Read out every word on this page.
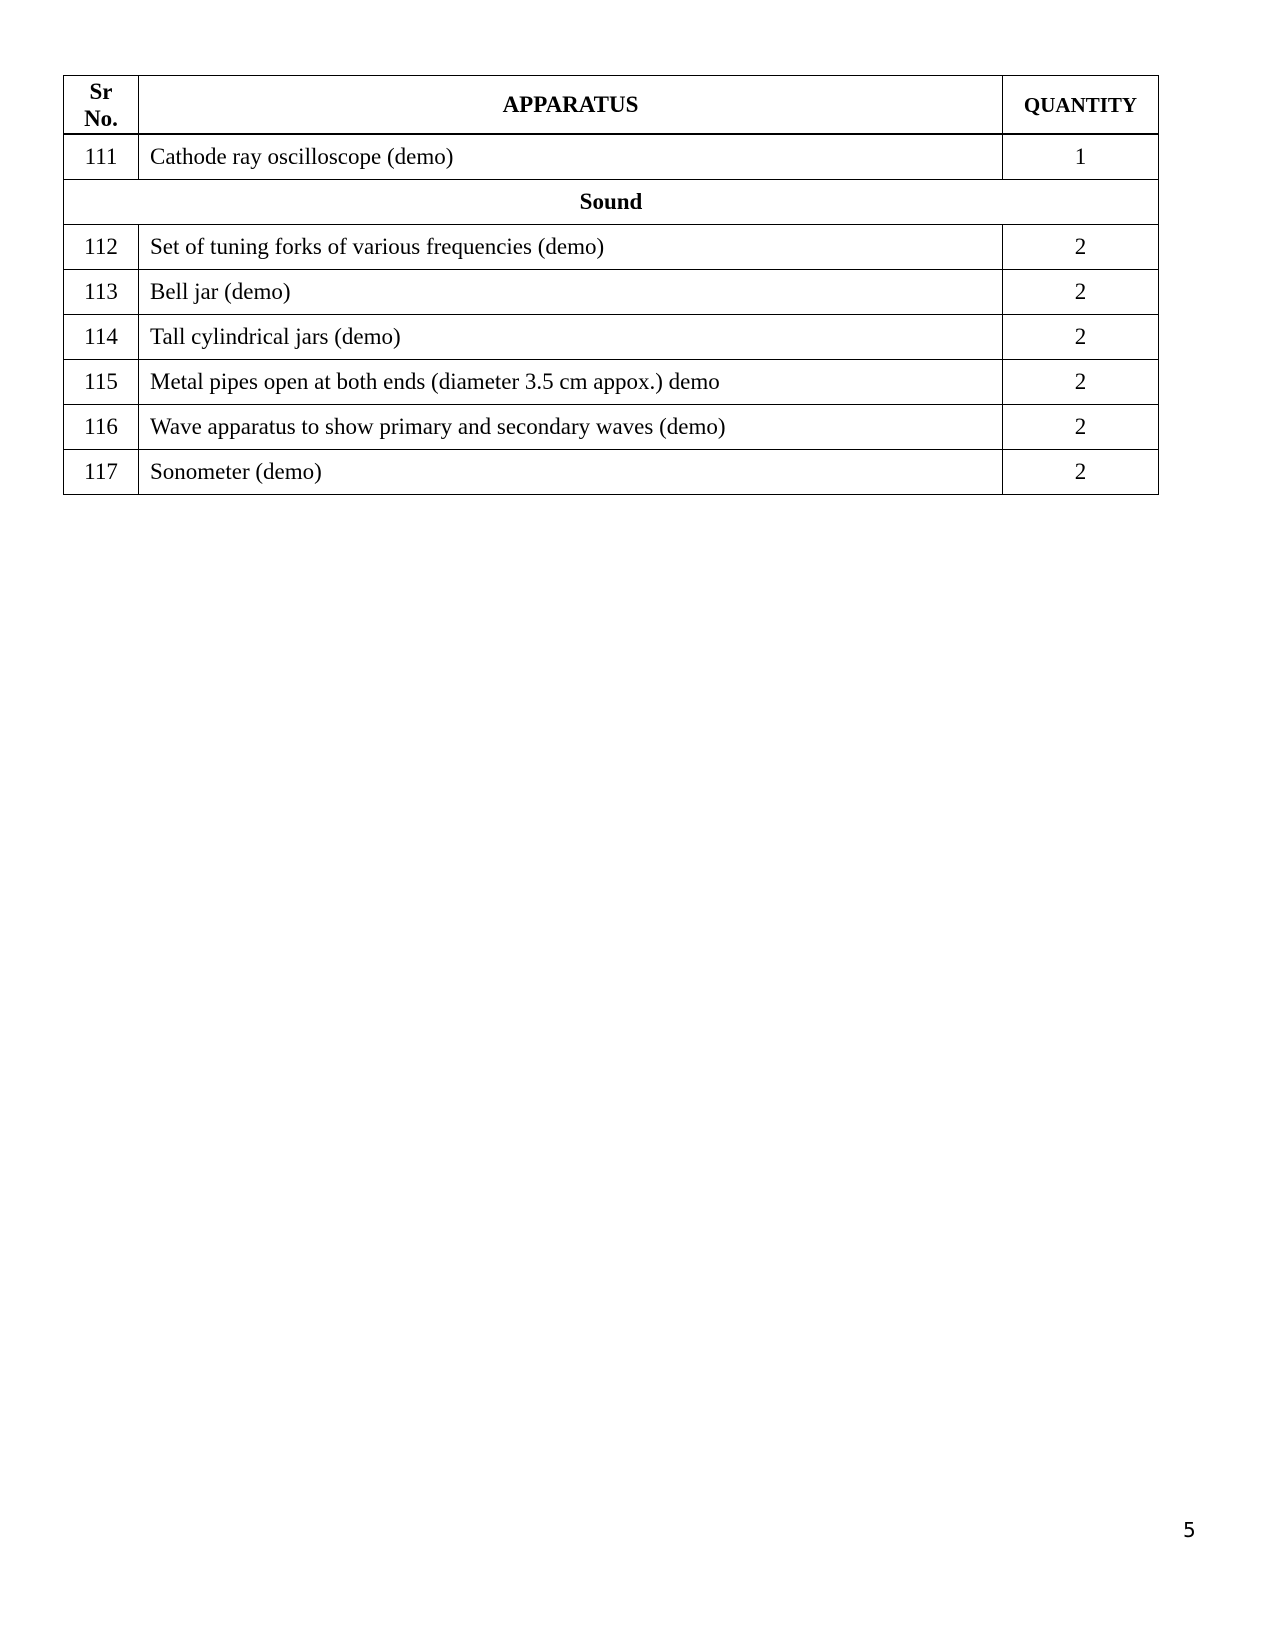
Sr
No.	APPARATUS	QUANTITY
111	Cathode ray oscilloscope (demo)	1
Sound		
112	Set of tuning forks of various frequencies (demo)	2
113	Bell jar (demo)	2
114	Tall cylindrical jars (demo)	2
115	Metal pipes open at both ends (diameter 3.5 cm appox.) demo	2
116	Wave apparatus to show primary and secondary waves (demo)	2
117	Sonometer (demo)	2
5
